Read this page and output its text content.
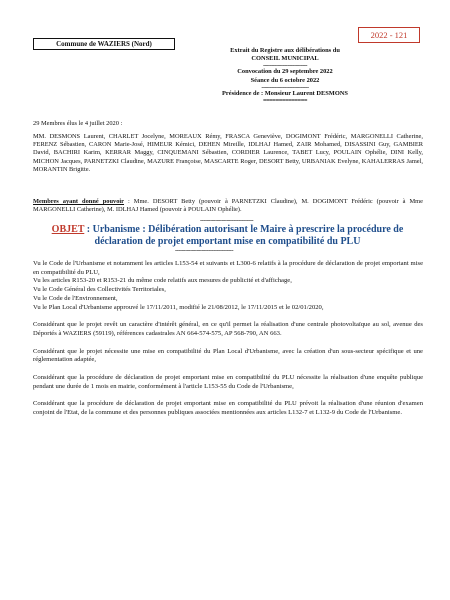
2022 - 121
Commune de WAZIERS (Nord)
Extrait du Registre aux délibérations du
CONSEIL MUNICIPAL
---------------------------
Convocation du 29 septembre 2022
Séance du 6 octobre 2022
-----------------------------
Présidence de : Monsieur Laurent DESMONS
==============
29 Membres élus le 4 juillet 2020 :
MM. DESMONS Laurent, CHARLET Jocelyne, MOREAUX Rémy, FRASCA Geneviève, DOGIMONT Frédéric, MARGONELLI Catherine, FERENZ Sébastien, CARON Marie-José, HIMEUR Kémici, DEHEN Mireille, IDLHAJ Hamed, ZAIR Mohamed, DISASSINI Guy, GAMBIER David, BACHIRI Karim, KERRAR Maggy, CINQUEMANI Sébastien, CORDIER Laurence, TABET Lucy, POULAIN Ophélie, DINI Kelly, MICHON Jacques, PARNETZKI Claudine, MAZURE Françoise, MASCARTE Roger, DESORT Betty, URBANIAK Evelyne, KAHALERRAS Jamel, MORANTIN Brigitte.
Membres ayant donné pouvoir : Mme. DESORT Betty (pouvoir à PARNETZKI Claudine), M. DOGIMONT Frédéric (pouvoir à Mme MARGONELLI Catherine), M. IDLHAJ Hamed (pouvoir à POULAIN Ophélie).
--------------------------------
OBJET : Urbanisme : Délibération autorisant le Maire à prescrire la procédure de déclaration de projet emportant mise en compatibilité du PLU
-----------------------------------

Vu le Code de l'Urbanisme et notamment les articles L153-54 et suivants et L300-6 relatifs à la procédure de déclaration de projet emportant mise en compatibilité du PLU,

Vu les articles R153-20 et R153-21 du même code relatifs aux mesures de publicité et d'affichage,

Vu le Code Général des Collectivités Territoriales,

Vu le Code de l'Environnement,

Vu le Plan Local d'Urbanisme approuvé le 17/11/2011, modifié le 21/08/2012, le 17/11/2015 et le 02/01/2020,

Considérant que le projet revêt un caractère d'intérêt général, en ce qu'il permet la réalisation d'une centrale photovoltaïque au sol, avenue des Déportés à WAZIERS (59119), références cadastrales AN 664-574-575, AP 568-790, AN 663.

Considérant que le projet nécessite une mise en compatibilité du Plan Local d'Urbanisme, avec la création d'un sous-secteur spécifique et une réglementation adaptée,

Considérant que la procédure de déclaration de projet emportant mise en compatibilité du PLU nécessite la réalisation d'une enquête publique pendant une durée de 1 mois en mairie, conformément à l'article L153-55 du Code de l'Urbanisme,

Considérant que la procédure de déclaration de projet emportant mise en compatibilité du PLU prévoit la réalisation d'une réunion d'examen conjoint de l'Etat, de la commune et des personnes publiques associées mentionnées aux articles L132-7 et L132-9 du Code de l'Urbanisme.
